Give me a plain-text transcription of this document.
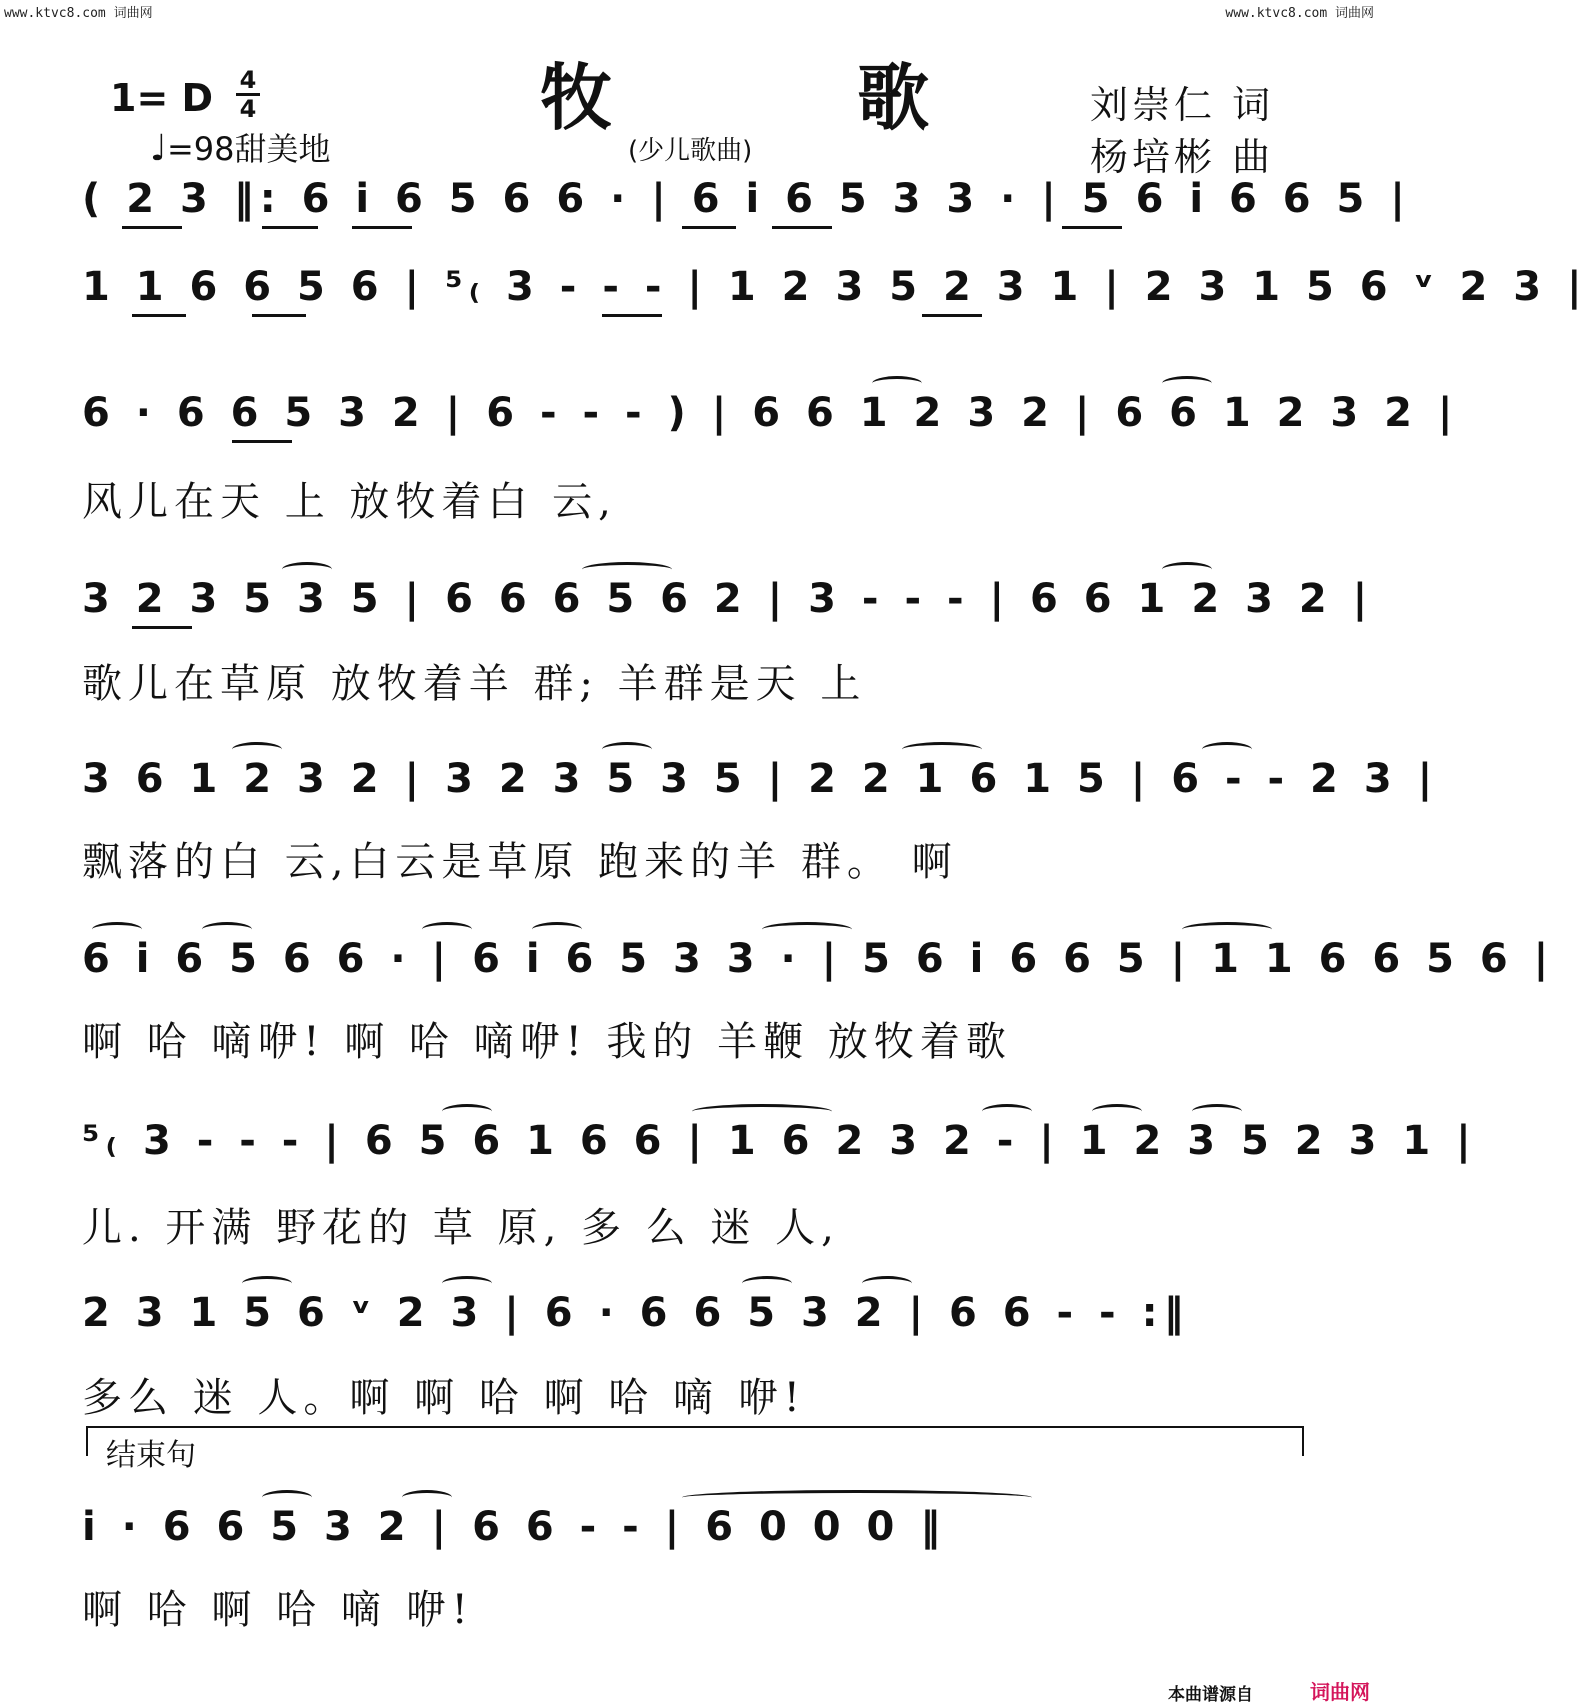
www.ktvc8.com 词曲网	www.ktvc8.com 词曲网
1= D 4
4
♩=98甜美地
牧 歌
(少儿歌曲)
刘崇仁 词
杨培彬 曲
( 2 3 ‖: 6 i 6 5 6 6 · | 6 i 6 5 3 3 · | 5 6 i 6 6 5 |
1 1 6 6 5 6 | ⁵₍ 3 - - - | 1 2 3 5 2 3 1 | 2 3 1 5 6 ᵛ 2 3 |
6 · 6 6 5 3 2 | 6 - - - ) | 6 6 1 2 3 2 | 6 6 1 2 3 2 |
风儿在天 上 放牧着白 云,
3 2 3 5 3 5 | 6 6 6 5 6 2 | 3 - - - | 6 6 1 2 3 2 |
歌儿在草原 放牧着羊 群; 羊群是天 上
3 6 1 2 3 2 | 3 2 3 5 3 5 | 2 2 1 6 1 5 | 6 - - 2 3 |
飘落的白 云,白云是草原 跑来的羊 群。 啊
6 i 6 5 6 6 · | 6 i 6 5 3 3 · | 5 6 i 6 6 5 | 1 1 6 6 5 6 |
啊 哈 嘀咿! 啊 哈 嘀咿! 我的 羊鞭 放牧着歌
⁵₍ 3 - - - | 6 5 6 1 6 6 | 1 6 2 3 2 - | 1 2 3 5 2 3 1 |
儿. 开满 野花的 草 原, 多 么 迷 人,
2 3 1 5 6 ᵛ 2 3 | 6 · 6 6 5 3 2 | 6 6 - - :‖
多么 迷 人。啊 啊 哈 啊 哈 嘀 咿!
结束句
i · 6 6 5 3 2 | 6 6 - - | 6 0 0 0 ‖
啊 哈 啊 哈 嘀 咿!
本曲谱源自	词曲网
